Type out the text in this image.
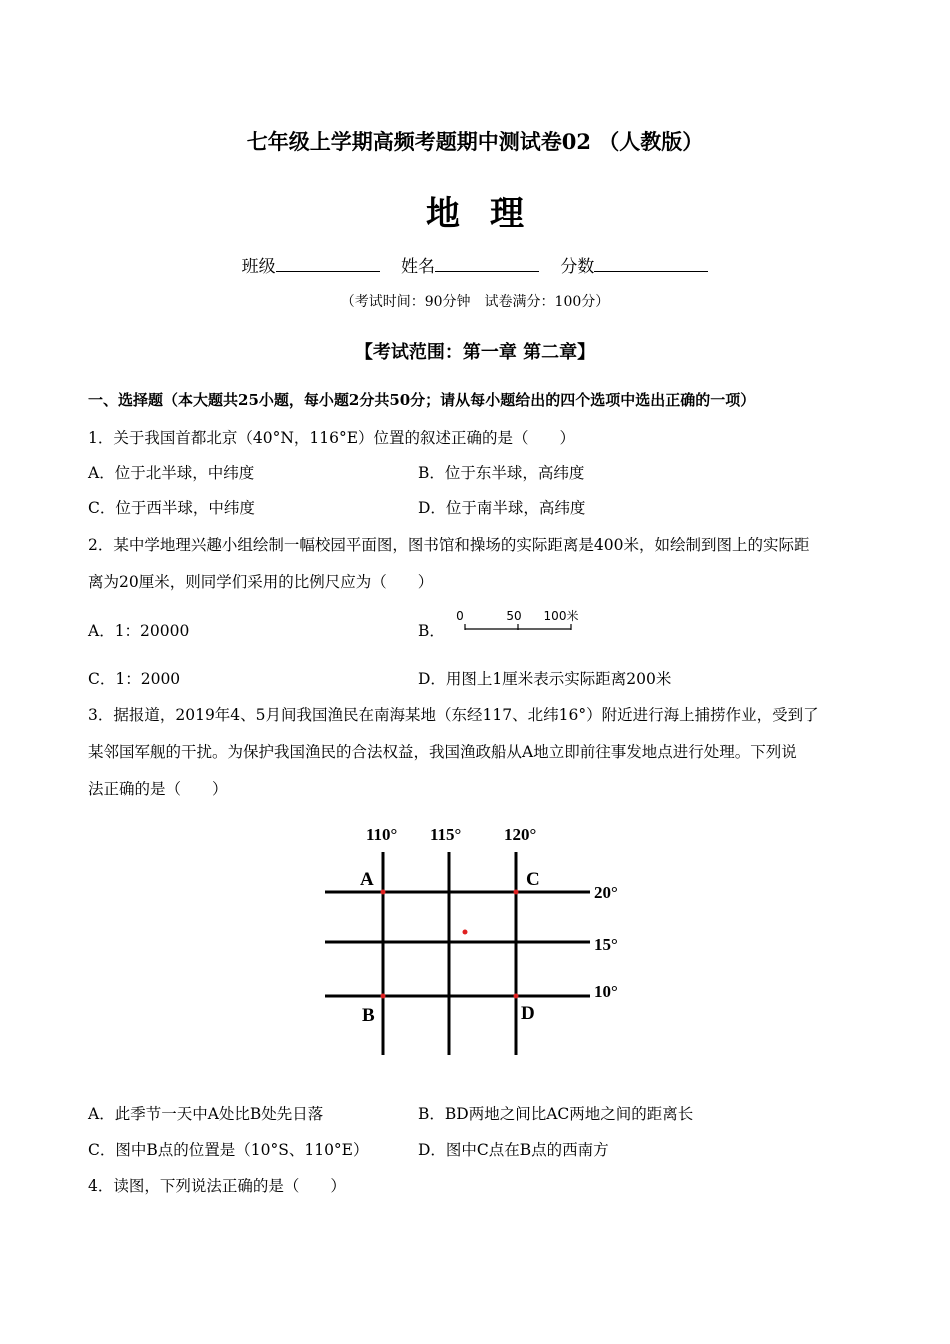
七年级上学期高频考题期中测试卷02 （人教版）
地理
班级	姓名	分数
（考试时间：90分钟　试卷满分：100分）
【考试范围：第一章 第二章】
一、选择题（本大题共25小题，每小题2分共50分；请从每小题给出的四个选项中选出正确的一项）
1．关于我国首都北京（40°N，116°E）位置的叙述正确的是（　　）
A．位于北半球，中纬度	B．位于东半球，高纬度
C．位于西半球，中纬度	D．位于南半球，高纬度
2．某中学地理兴趣小组绘制一幅校园平面图，图书馆和操场的实际距离是400米，如绘制到图上的实际距
离为20厘米，则同学们采用的比例尺应为（　　）
A．1：20000	B．
0	50 100米
C．1：2000	D．用图上1厘米表示实际距离200米
3．据报道，2019年4、5月间我国渔民在南海某地（东经117、北纬16°）附近进行海上捕捞作业，受到了
某邻国军舰的干扰。为保护我国渔民的合法权益，我国渔政船从A地立即前往事发地点进行处理。下列说
法正确的是（　　）
110° 115°	120°
20°
15°
10°
A
B
C
D
A．此季节一天中A处比B处先日落	B．BD两地之间比AC两地之间的距离长
C．图中B点的位置是（10°S、110°E）	D．图中C点在B点的西南方
4．读图，下列说法正确的是（　　）
